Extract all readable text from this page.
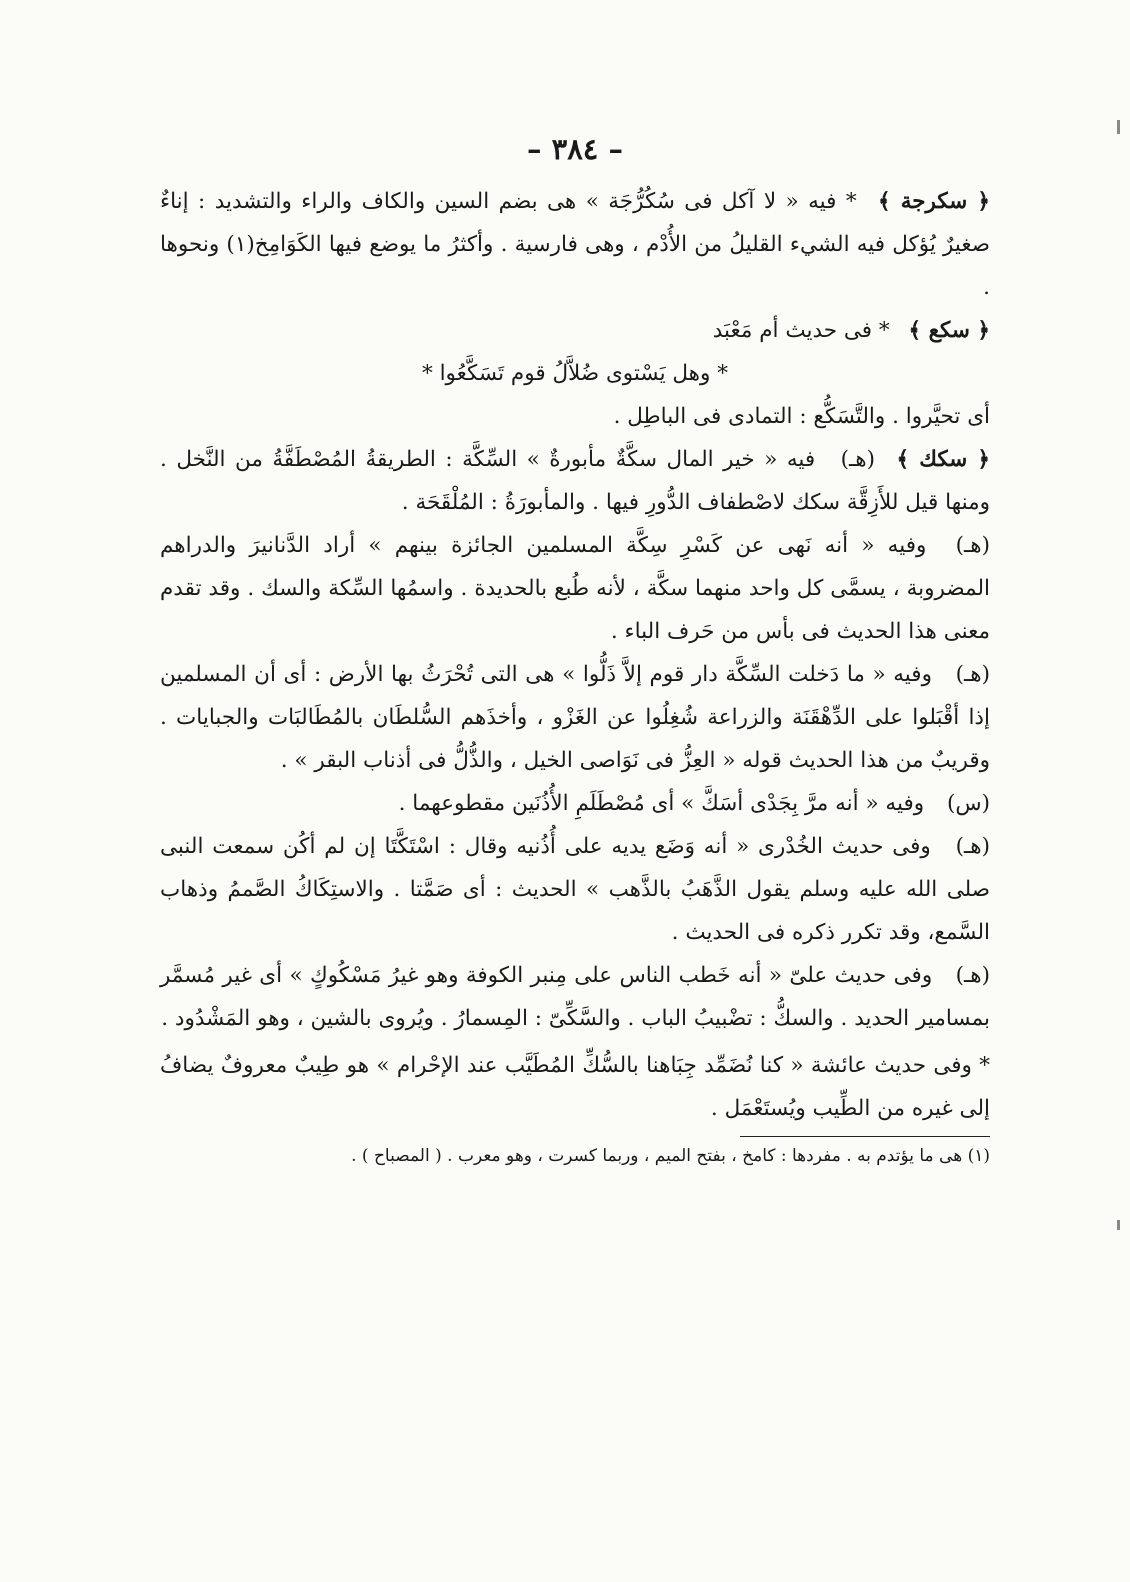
– ٣٨٤ –

﴿ سكرجة ﴾ * فيه « لا آكل فى سُكُرُّجَة » هى بضم السين والكاف والراء والتشديد : إناءٌ صغيرٌ يُؤكل فيه الشيء القليلُ من الأُدْم ، وهى فارسية . وأكثرُ ما يوضع فيها الكَوَامِخ(١) ونحوها .

﴿ سكع ﴾ * فى حديث أم مَعْبَد

* وهل يَسْتوى ضُلاَّلُ قوم تَسَكَّعُوا *

أى تحيَّروا . والتَّسَكُّع : التمادى فى الباطِل .

﴿ سكك ﴾ (هـ) فيه « خير المال سكَّةٌ مأبورةٌ » السِّكَّة : الطريقةُ المُصْطَفَّةُ من النَّخل . ومنها قيل للأَزِقَّة سكك لاصْطفاف الدُّورِ فيها . والمأبورَةُ : المُلْقَحَة .

(هـ) وفيه « أنه نَهى عن كَسْرِ سِكَّة المسلمين الجائزة بينهم » أراد الدَّنانيرَ والدراهم المضروبة ، يسمَّى كل واحد منهما سكَّة ، لأنه طُبع بالحديدة . واسمُها السِّكة والسك . وقد تقدم معنى هذا الحديث فى بأس من حَرف الباء .

(هـ) وفيه « ما دَخلت السِّكَّة دار قوم إلاَّ ذَلُّوا » هى التى تُحْرَثُ بها الأرض : أى أن المسلمين إذا أقْبَلوا على الدِّهْقَنَة والزراعة شُغِلُوا عن الغَزْو ، وأخذَهم السُّلطَان بالمُطَالبَات والجبايات . وقريبٌ من هذا الحديث قوله « العِزُّ فى نَوَاصى الخيل ، والذُّلُّ فى أذناب البقر » .

(س) وفيه « أنه مرَّ بِجَدْى أسَكَّ » أى مُصْطَلَمِ الأُذُنَين مقطوعهما .

(هـ) وفى حديث الخُدْرى « أنه وَضَع يديه على أُذُنيه وقال : اسْتَكَّتَا إن لم أكُن سمعت النبى صلى الله عليه وسلم يقول الذَّهَبُ بالذَّهب » الحديث : أى صَمَّتا . والاستِكَاكُ الصَّممُ وذهاب السَّمع، وقد تكرر ذكره فى الحديث .

(هـ) وفى حديث علىّ « أنه خَطب الناس على مِنبر الكوفة وهو غيرُ مَسْكُوكٍ » أى غير مُسمَّر بمسامير الحديد . والسكُّ : تضْبيبُ الباب . والسَّكِّىّ : المِسمارُ . ويُروى بالشين ، وهو المَشْدُود .

* وفى حديث عائشة « كنا نُضَمِّد جِبَاهنا بالسُّكِّ المُطَيَّب عند الإحْرام » هو طِيبٌ معروفٌ يضافُ إلى غيره من الطِّيب ويُستَعْمَل .

(١) هى ما يؤتدم به . مفردها : كامخ ، بفتح الميم ، وربما كسرت ، وهو معرب . ( المصباح ) .
